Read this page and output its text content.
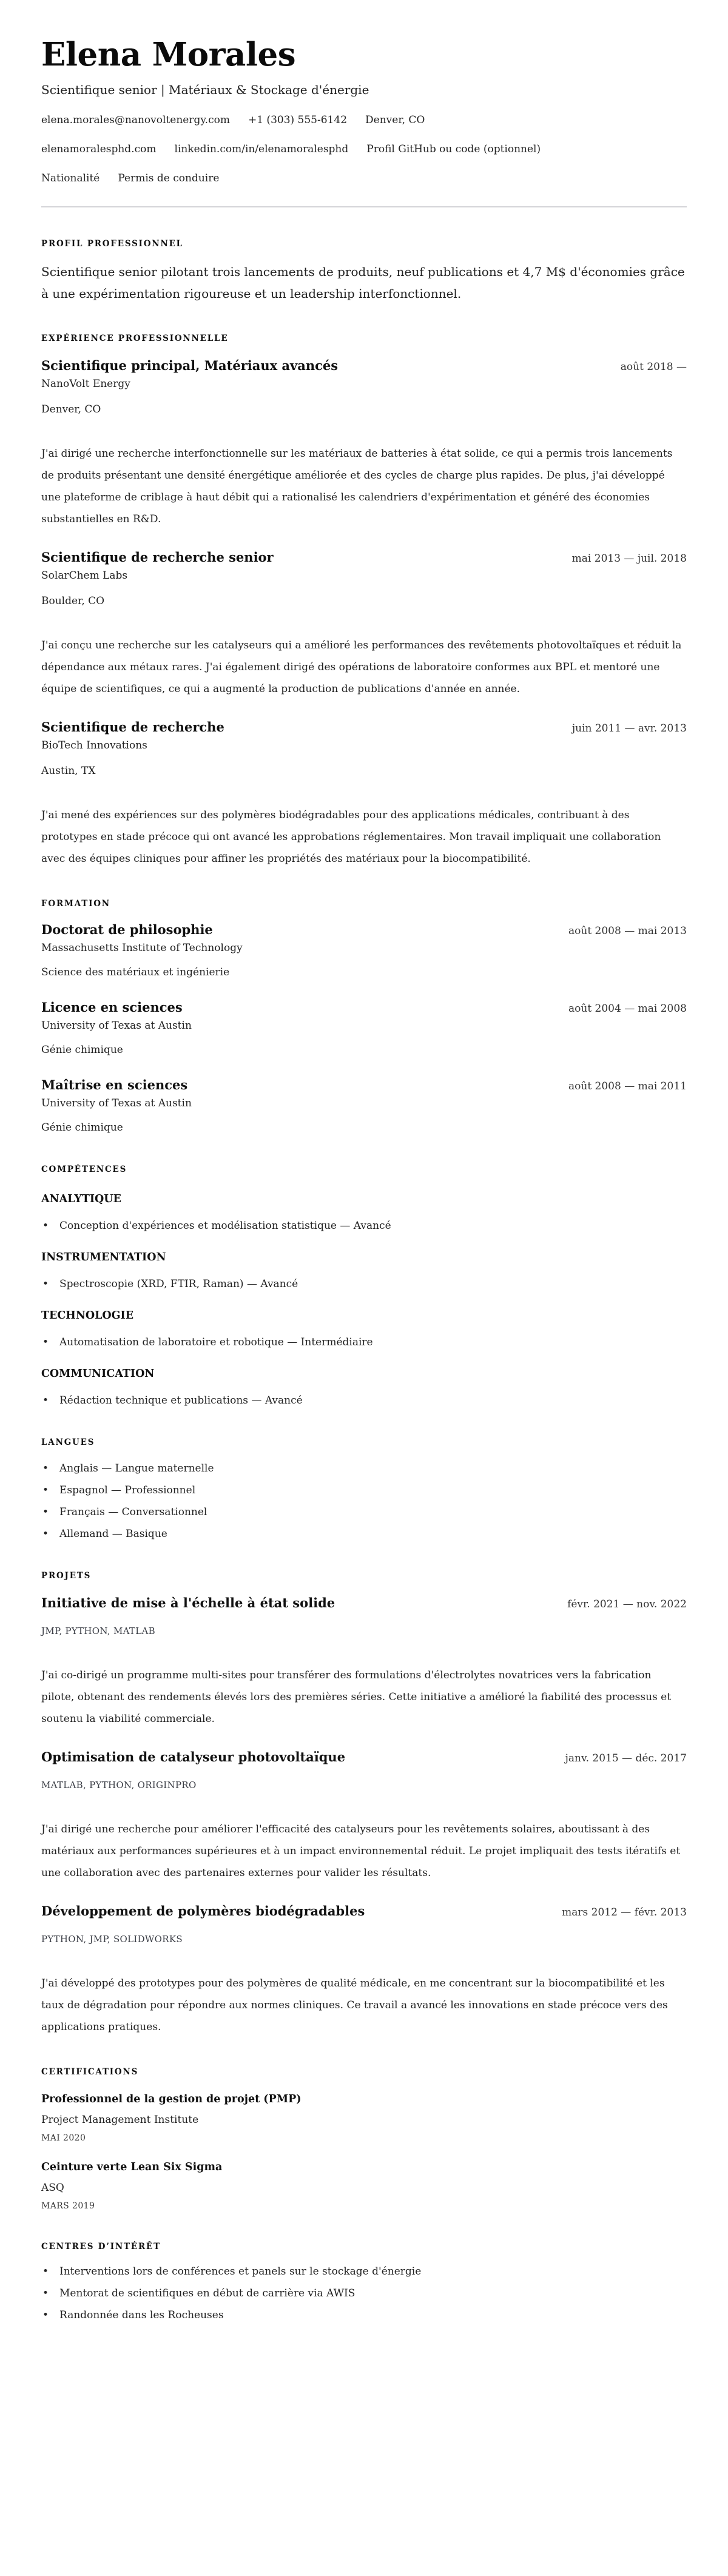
Elena Morales
Scientifique senior | Matériaux & Stockage d'énergie
elena.morales@nanovoltenergy.com +1 (303) 555-6142 Denver, CO
elenamoralesphd.com linkedin.com/in/elenamoralesphd Profil GitHub ou code (optionnel)
Nationalité Permis de conduire
PROFIL PROFESSIONNEL

Scientifique senior pilotant trois lancements de produits, neuf publications et 4,7 M$ d'économies grâce à une expérimentation rigoureuse et un leadership interfonctionnel.

EXPÉRIENCE PROFESSIONNELLE
Scientifique principal, Matériaux avancés	août 2018 —
NanoVolt Energy
Denver, CO

J'ai dirigé une recherche interfonctionnelle sur les matériaux de batteries à état solide, ce qui a permis trois lancements de produits présentant une densité énergétique améliorée et des cycles de charge plus rapides. De plus, j'ai développé une plateforme de criblage à haut débit qui a rationalisé les calendriers d'expérimentation et généré des économies substantielles en R&D.

Scientifique de recherche senior	mai 2013 — juil. 2018
SolarChem Labs
Boulder, CO

J'ai conçu une recherche sur les catalyseurs qui a amélioré les performances des revêtements photovoltaïques et réduit la dépendance aux métaux rares. J'ai également dirigé des opérations de laboratoire conformes aux BPL et mentoré une équipe de scientifiques, ce qui a augmenté la production de publications d'année en année.

Scientifique de recherche	juin 2011 — avr. 2013
BioTech Innovations
Austin, TX

J'ai mené des expériences sur des polymères biodégradables pour des applications médicales, contribuant à des prototypes en stade précoce qui ont avancé les approbations réglementaires. Mon travail impliquait une collaboration avec des équipes cliniques pour affiner les propriétés des matériaux pour la biocompatibilité.

FORMATION
Doctorat de philosophie	août 2008 — mai 2013
Massachusetts Institute of Technology
Science des matériaux et ingénierie
Licence en sciences	août 2004 — mai 2008
University of Texas at Austin
Génie chimique
Maîtrise en sciences	août 2008 — mai 2011
University of Texas at Austin
Génie chimique
COMPÉTENCES
ANALYTIQUE
• Conception d'expériences et modélisation statistique — Avancé
INSTRUMENTATION
• Spectroscopie (XRD, FTIR, Raman) — Avancé
TECHNOLOGIE
• Automatisation de laboratoire et robotique — Intermédiaire
COMMUNICATION
• Rédaction technique et publications — Avancé
LANGUES
• Anglais — Langue maternelle
• Espagnol — Professionnel
• Français — Conversationnel
• Allemand — Basique
PROJETS
Initiative de mise à l'échelle à état solide	févr. 2021 — nov. 2022
JMP, PYTHON, MATLAB

J'ai co-dirigé un programme multi-sites pour transférer des formulations d'électrolytes novatrices vers la fabrication pilote, obtenant des rendements élevés lors des premières séries. Cette initiative a amélioré la fiabilité des processus et soutenu la viabilité commerciale.

Optimisation de catalyseur photovoltaïque	janv. 2015 — déc. 2017
MATLAB, PYTHON, ORIGINPRO

J'ai dirigé une recherche pour améliorer l'efficacité des catalyseurs pour les revêtements solaires, aboutissant à des matériaux aux performances supérieures et à un impact environnemental réduit. Le projet impliquait des tests itératifs et une collaboration avec des partenaires externes pour valider les résultats.

Développement de polymères biodégradables	mars 2012 — févr. 2013
PYTHON, JMP, SOLIDWORKS

J'ai développé des prototypes pour des polymères de qualité médicale, en me concentrant sur la biocompatibilité et les taux de dégradation pour répondre aux normes cliniques. Ce travail a avancé les innovations en stade précoce vers des applications pratiques.

CERTIFICATIONS
Professionnel de la gestion de projet (PMP)
Project Management Institute
MAI 2020
Ceinture verte Lean Six Sigma
ASQ
MARS 2019
CENTRES D’INTÉRÊT
• Interventions lors de conférences et panels sur le stockage d'énergie
• Mentorat de scientifiques en début de carrière via AWIS
• Randonnée dans les Rocheuses
